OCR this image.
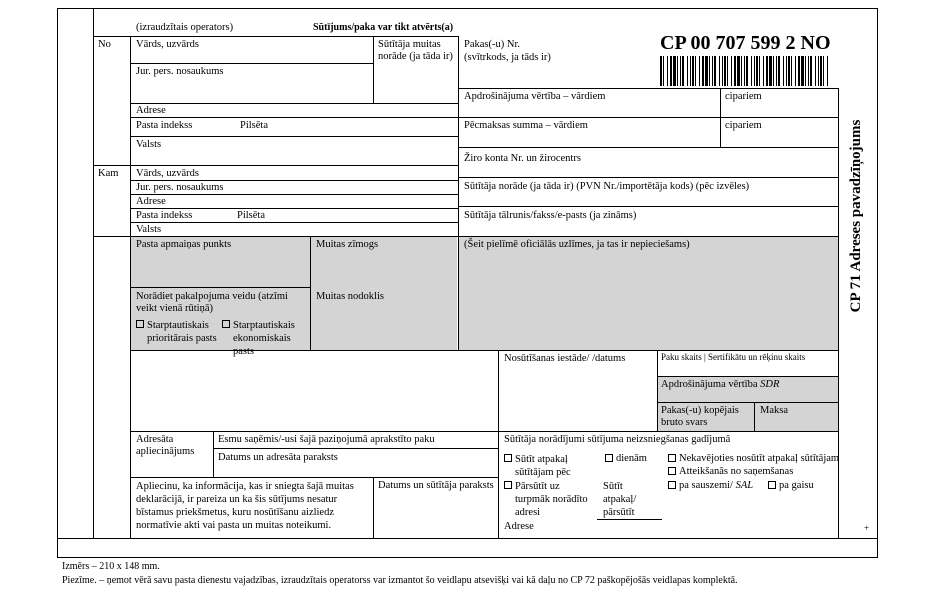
(izraudzītais operators)	Sūtījums/paka var tikt atvērts(a)
Pakas(-u) Nr.
(svītrkods, ja tāds ir)
CP 00 707 599 2 NO
No Vārds, uzvārds	Sūtītāja muitas norāde (ja tāda ir)
Jur. pers. nosaukums
Adrese
Pasta indekss	Pilsēta
Valsts
Kam Vārds, uzvārds
Jur. pers. nosaukums
Adrese
Pasta indekss	Pilsēta
Valsts
Apdrošinājuma vērtība – vārdiem	cipariem
Pēcmaksas summa – vārdiem	cipariem
Žiro konta Nr. un žirocentrs
Sūtītāja norāde (ja tāda ir) (PVN Nr./importētāja kods) (pēc izvēles)
Sūtītāja tālrunis/fakss/e-pasts (ja zināms)
(Šeit pielīmē oficiālās uzlīmes, ja tas ir nepieciešams)
Pasta apmaiņas punkts	Muitas zīmogs
Norādiet pakalpojuma veidu (atzīmi veikt vienā rūtiņā)
Starptautiskais prioritārais pasts
Starptautiskais ekonomiskais pasts
Muitas nodoklis
Nosūtīšanas iestāde/ /datums	Paku skaits | Sertifikātu un rēķinu skaits
Apdrošinājuma vērtība SDR
Pakas(-u) kopējais bruto svars
Maksa
Adresāta apliecinājums
Esmu saņēmis/-usi šajā paziņojumā aprakstīto paku
Datums un adresāta paraksts
Apliecinu, ka informācija, kas ir sniegta šajā muitas deklarācijā, ir pareiza un ka šis sūtījums nesatur bīstamus priekšmetus, kuru nosūtīšanu aizliedz normatīvie akti vai pasta un muitas noteikumi.
Datums un sūtītāja paraksts
Sūtītāja norādījumi sūtījuma neizsniegšanas gadījumā
Sūtīt atpakaļ sūtītājam pēc
dienām	Nekavējoties nosūtīt atpakaļ sūtītājam
Atteikšanās no saņemšanas
Pārsūtīt uz turpmāk norādīto adresi
Adrese
Sūtīt atpakaļ/ pārsūtīt
pa sauszemi/ SAL	pa gaisu
CP 71 Adreses pavadzīņojums
+
Izmērs – 210 x 148 mm.
Piezīme. – ņemot vērā savu pasta dienestu vajadzības, izraudzītais operatorss var izmantot šo veidlapu atsevišķi vai kā daļu no CP 72 paškopējošās veidlapas komplektā.
